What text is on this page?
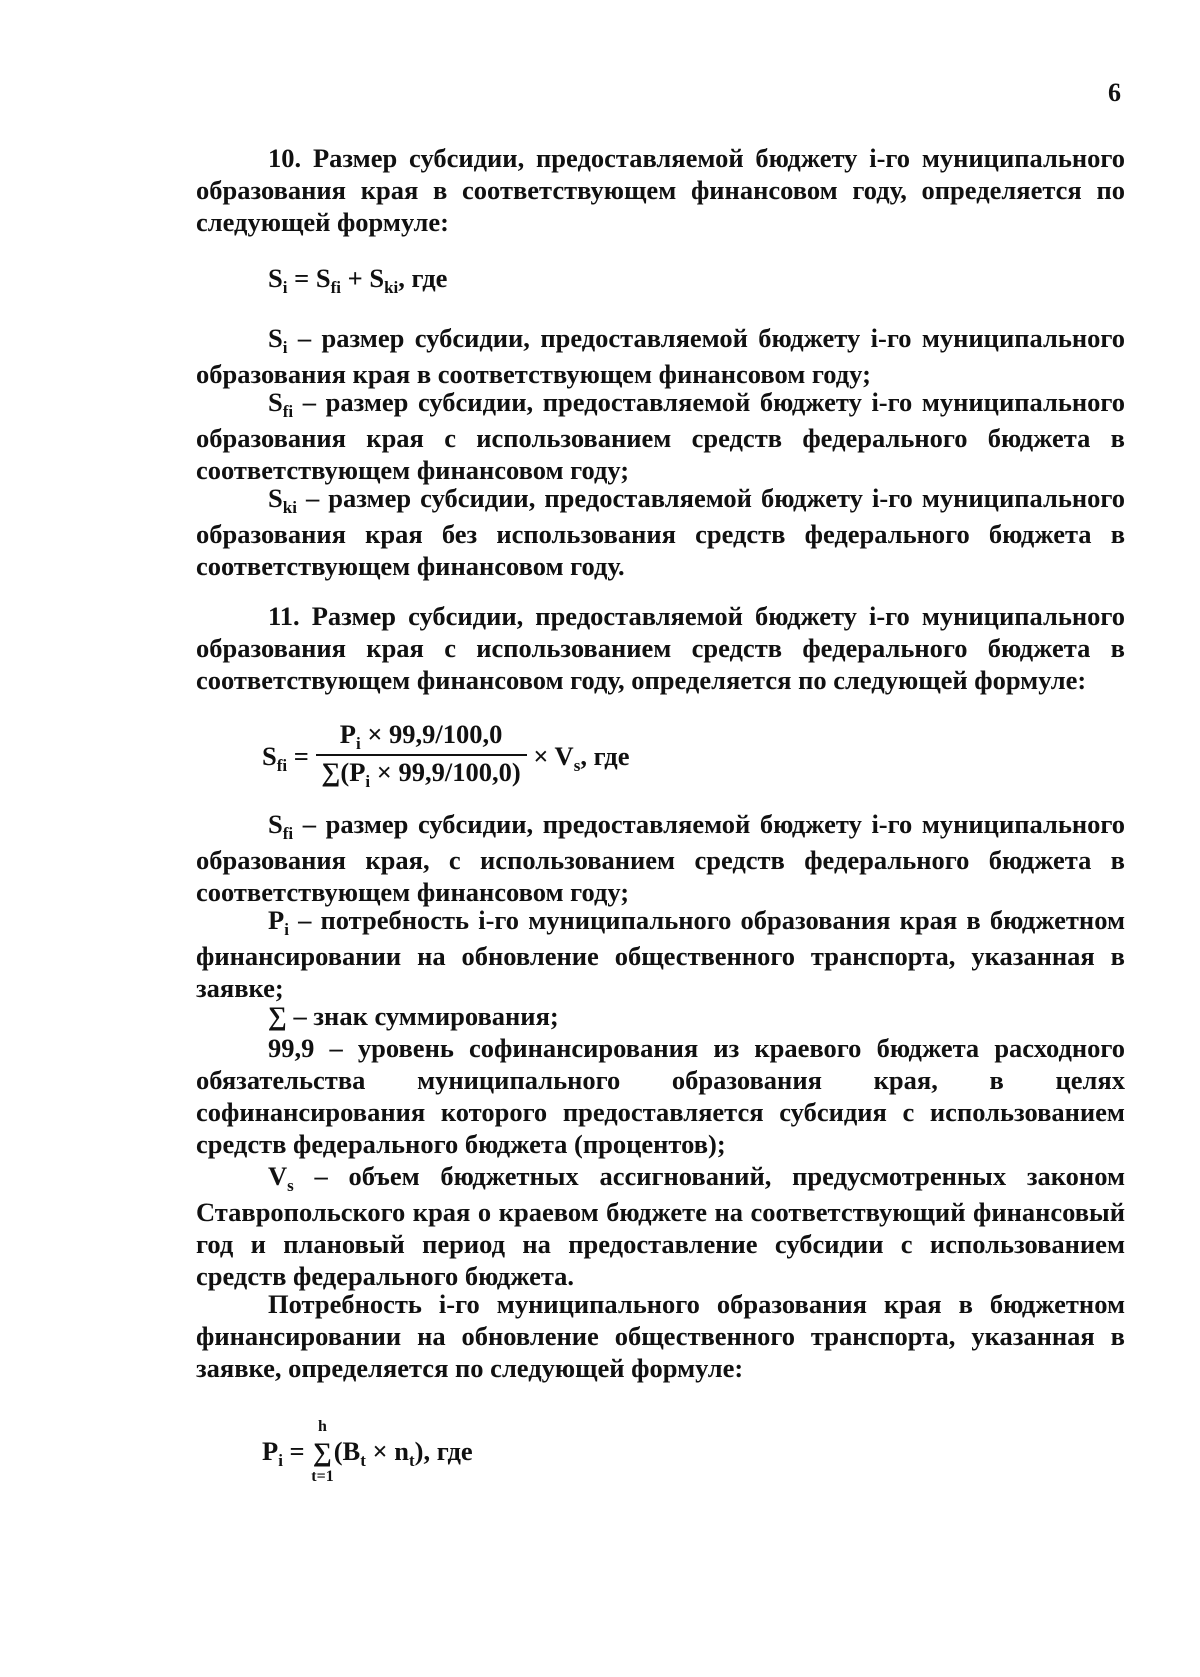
6

10. Размер субсидии, предоставляемой бюджету i-го муниципального образования края в соответствующем финансовом году, определяется по следующей формуле:

$S_i = S_{fi} + S_{ki}$, где

$S_i$ – размер субсидии, предоставляемой бюджету i-го муниципального образования края в соответствующем финансовом году;

$S_{fi}$ – размер субсидии, предоставляемой бюджету i-го муниципального образования края с использованием средств федерального бюджета в соответствующем финансовом году;

$S_{ki}$ – размер субсидии, предоставляемой бюджету i-го муниципального образования края без использования средств федерального бюджета в соответствующем финансовом году.

11. Размер субсидии, предоставляемой бюджету i-го муниципального образования края с использованием средств федерального бюджета в соответствующем финансовом году, определяется по следующей формуле:

$S_{fi} = \frac{P_i \times 99,9/100,0}{\sum(P_i \times 99,9/100,0)} \times V_s$, где

$S_{fi}$ – размер субсидии, предоставляемой бюджету i-го муниципального образования края, с использованием средств федерального бюджета в соответствующем финансовом году;

$P_i$ – потребность i-го муниципального образования края в бюджетном финансировании на обновление общественного транспорта, указанная в заявке;

∑ – знак суммирования;

99,9 – уровень софинансирования из краевого бюджета расходного обязательства муниципального образования края, в целях софинансирования которого предоставляется субсидия с использованием средств федерального бюджета (процентов);

$V_s$ – объем бюджетных ассигнований, предусмотренных законом Ставропольского края о краевом бюджете на соответствующий финансовый год и плановый период на предоставление субсидии с использованием средств федерального бюджета.

Потребность i-го муниципального образования края в бюджетном финансировании на обновление общественного транспорта, указанная в заявке, определяется по следующей формуле:

$P_i$ =
h
∑
t=1
$(B_t \times n_t)$, где
